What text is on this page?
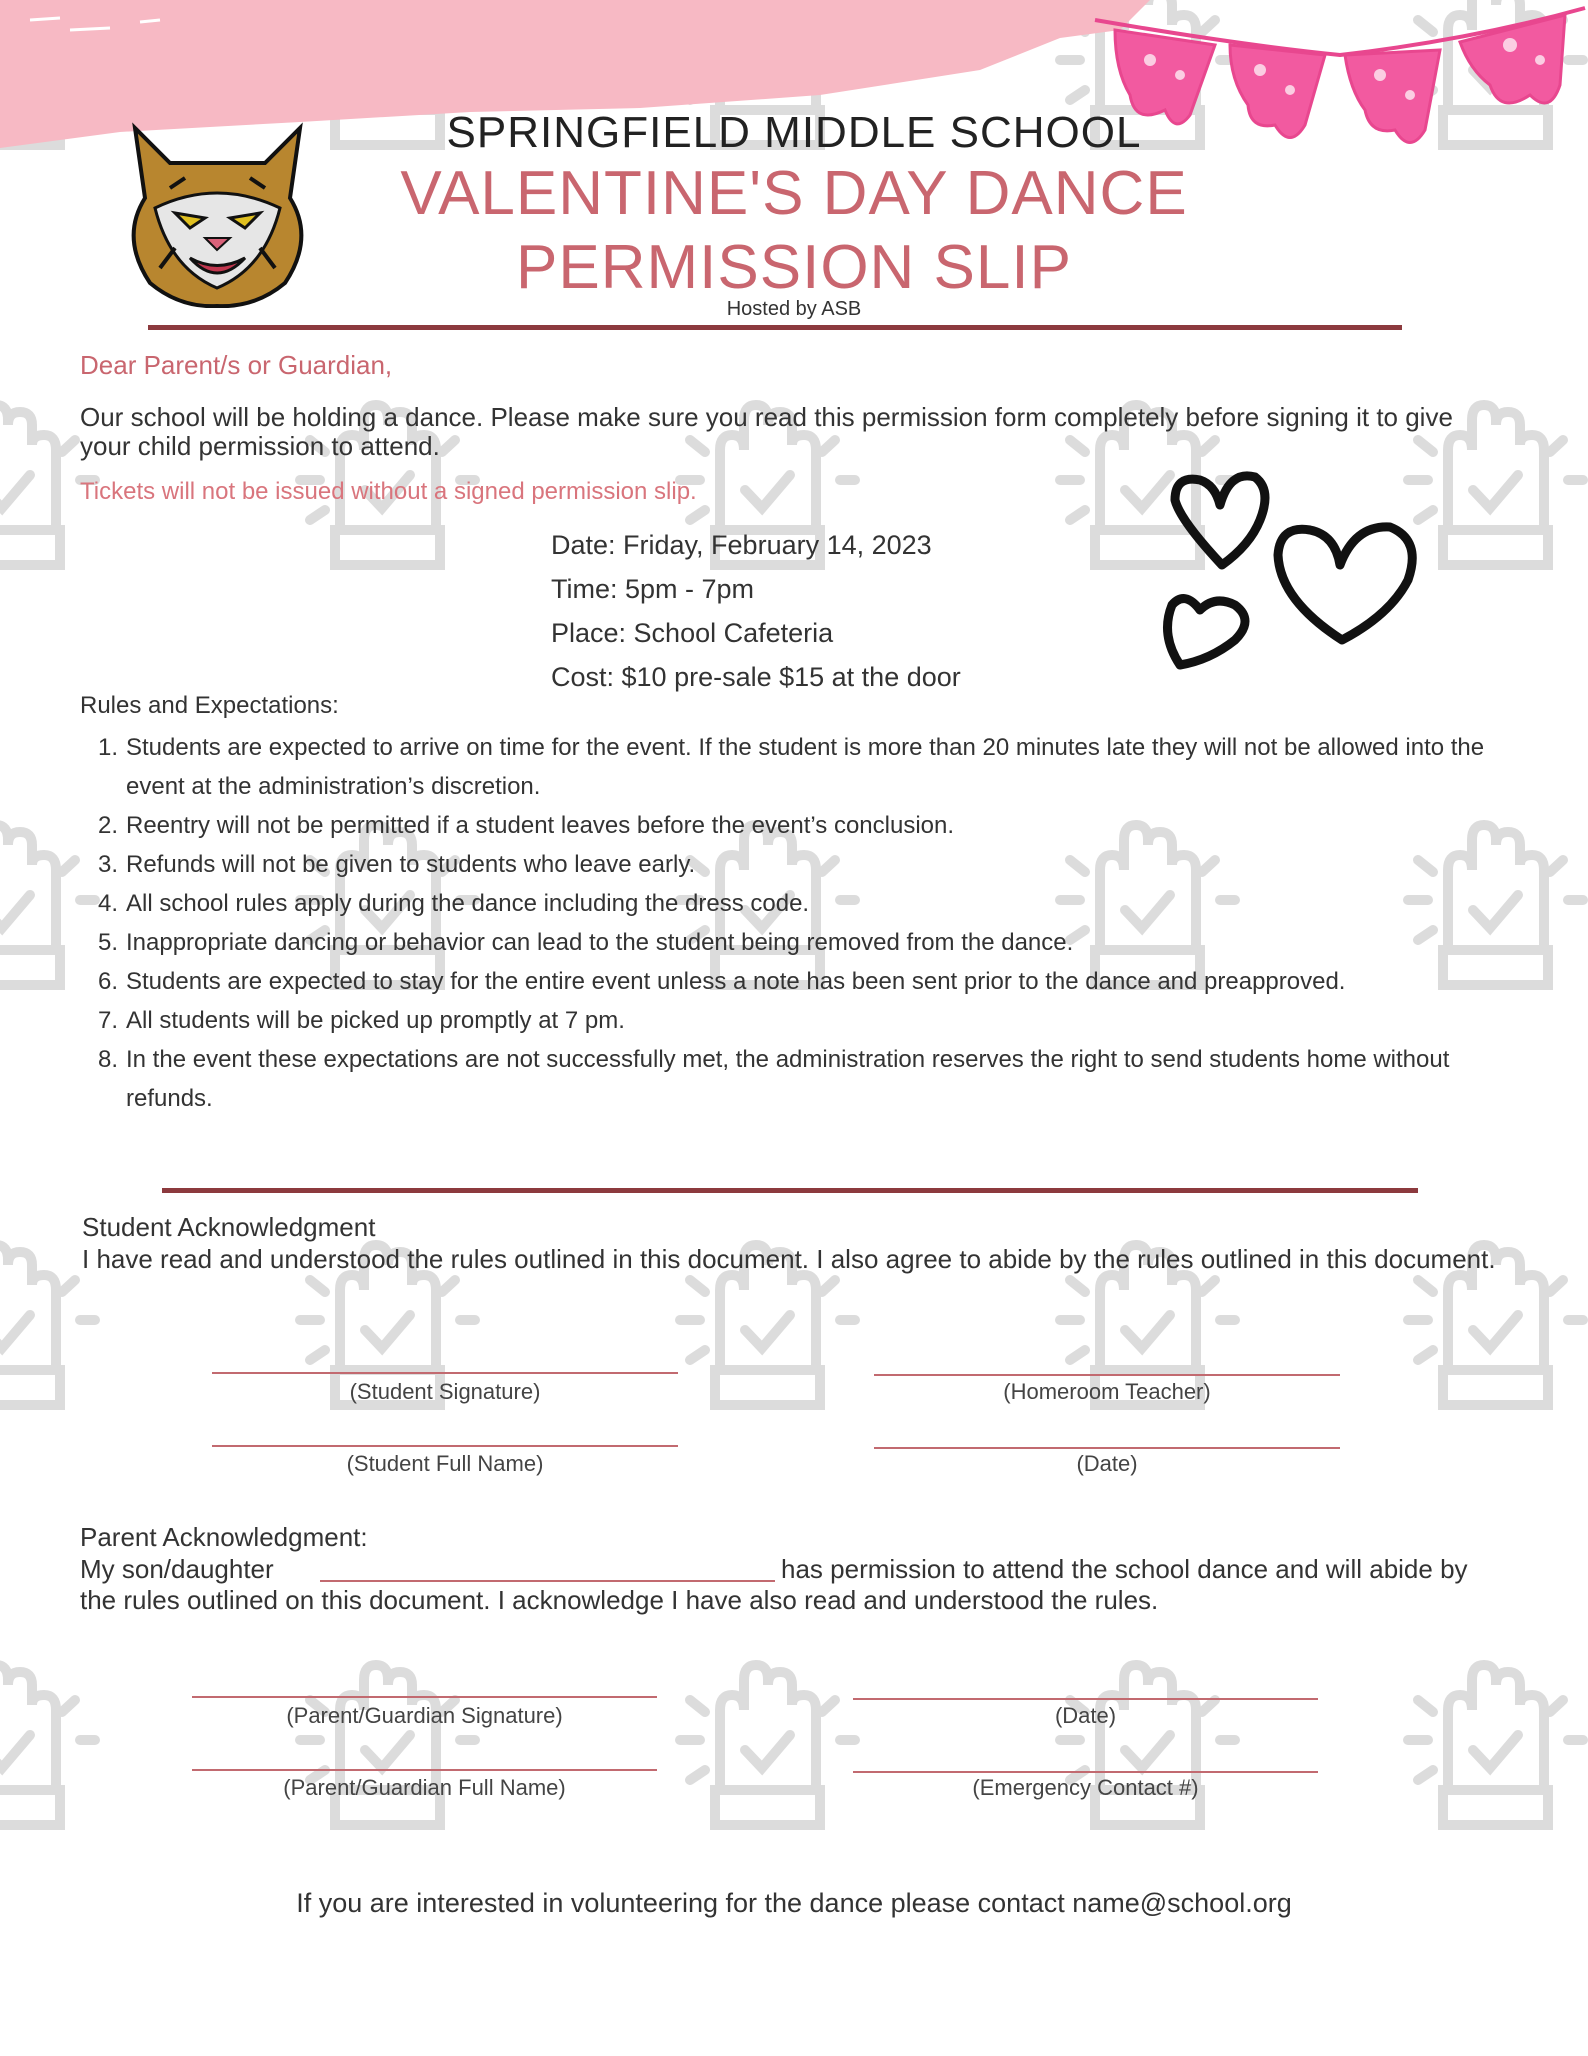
SPRINGFIELD MIDDLE SCHOOL
VALENTINE'S DAY DANCE
PERMISSION SLIP
Hosted by ASB
Dear Parent/s or Guardian,
Our school will be holding a dance. Please make sure you read this permission form completely before signing it to give your child permission to attend.
Tickets will not be issued without a signed permission slip.
Date: Friday, February 14, 2023
Time: 5pm - 7pm
Place: School Cafeteria
Cost: $10 pre-sale $15 at the door
Rules and Expectations:
1. Students are expected to arrive on time for the event. If the student is more than 20 minutes late they will not be allowed into the event at the administration’s discretion.
2. Reentry will not be permitted if a student leaves before the event’s conclusion.
3. Refunds will not be given to students who leave early.
4. All school rules apply during the dance including the dress code.
5. Inappropriate dancing or behavior can lead to the student being removed from the dance.
6. Students are expected to stay for the entire event unless a note has been sent prior to the dance and preapproved.
7. All students will be picked up promptly at 7 pm.
8. In the event these expectations are not successfully met, the administration reserves the right to send students home without refunds.
Student Acknowledgment
I have read and understood the rules outlined in this document. I also agree to abide by the rules outlined in this document.
(Student Signature)	(Homeroom Teacher)
(Student Full Name)	(Date)
Parent Acknowledgment:
My son/daughter	has permission to attend the school dance and will abide by
the rules outlined on this document. I acknowledge I have also read and understood the rules.
(Parent/Guardian Signature)	(Date)
(Parent/Guardian Full Name)	(Emergency Contact #)
If you are interested in volunteering for the dance please contact name@school.org
